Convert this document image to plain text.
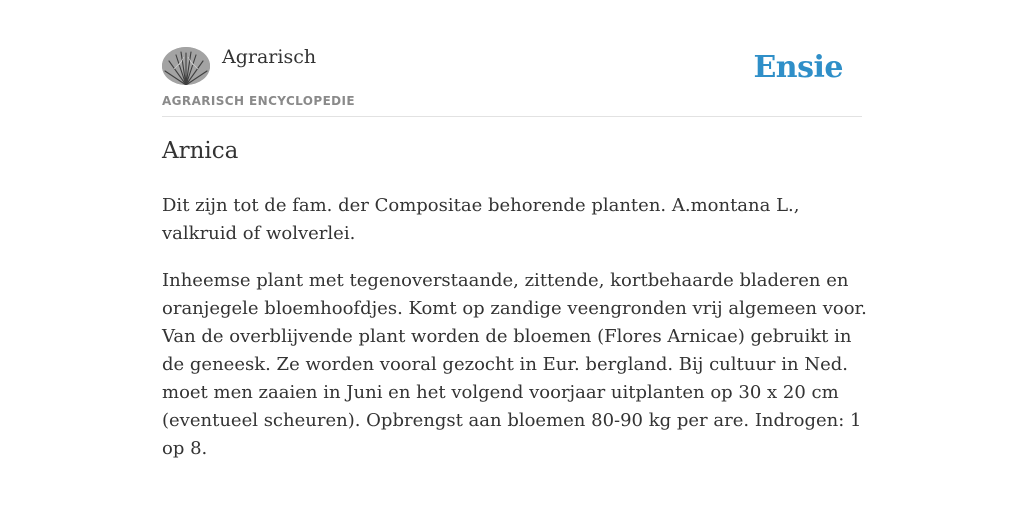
Agrarisch
AGRARISCH ENCYCLOPEDIE
Ensie
Arnica

Dit zijn tot de fam. der Compositae behorende planten. A.montana L., valkruid of wolverlei.

Inheemse plant met tegenoverstaande, zittende, kortbehaarde bladeren en oranjegele bloemhoofdjes. Komt op zandige veengronden vrij algemeen voor. Van de overblijvende plant worden de bloemen (Flores Arnicae) gebruikt in de geneesk. Ze worden vooral gezocht in Eur. bergland. Bij cultuur in Ned. moet men zaaien in Juni en het volgend voorjaar uitplanten op 30 x 20 cm (eventueel scheuren). Opbrengst aan bloemen 80-90 kg per are. Indrogen: 1 op 8.
